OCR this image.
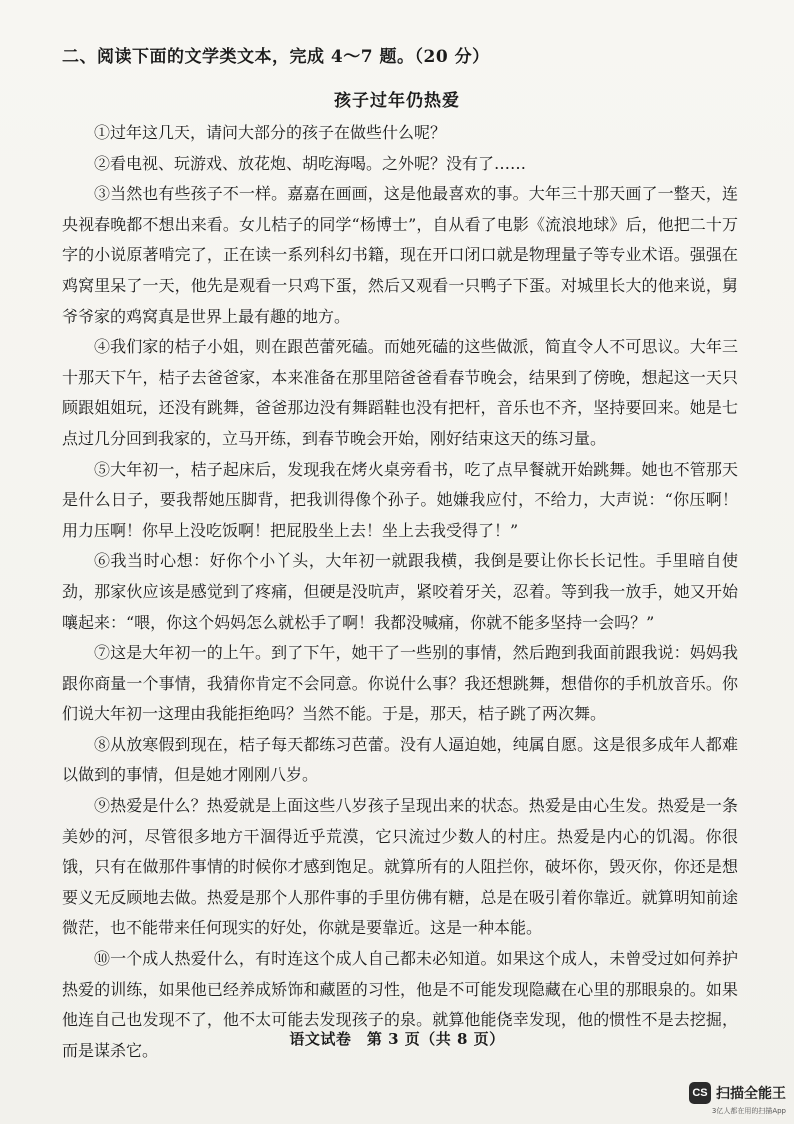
二、阅读下面的文学类文本，完成 4～7 题。（20 分）
孩子过年仍热爱

①过年这几天，请问大部分的孩子在做些什么呢？

②看电视、玩游戏、放花炮、胡吃海喝。之外呢？没有了……

③当然也有些孩子不一样。嘉嘉在画画，这是他最喜欢的事。大年三十那天画了一整天，连央视春晚都不想出来看。女儿桔子的同学“杨博士”，自从看了电影《流浪地球》后，他把二十万字的小说原著啃完了，正在读一系列科幻书籍，现在开口闭口就是物理量子等专业术语。强强在鸡窝里呆了一天，他先是观看一只鸡下蛋，然后又观看一只鸭子下蛋。对城里长大的他来说，舅爷爷家的鸡窝真是世界上最有趣的地方。

④我们家的桔子小姐，则在跟芭蕾死磕。而她死磕的这些做派，简直令人不可思议。大年三十那天下午，桔子去爸爸家，本来准备在那里陪爸爸看春节晚会，结果到了傍晚，想起这一天只顾跟姐姐玩，还没有跳舞，爸爸那边没有舞蹈鞋也没有把杆，音乐也不齐，坚持要回来。她是七点过几分回到我家的，立马开练，到春节晚会开始，刚好结束这天的练习量。

⑤大年初一，桔子起床后，发现我在烤火桌旁看书，吃了点早餐就开始跳舞。她也不管那天是什么日子，要我帮她压脚背，把我训得像个孙子。她嫌我应付，不给力，大声说：“你压啊！用力压啊！你早上没吃饭啊！把屁股坐上去！坐上去我受得了！”

⑥我当时心想：好你个小丫头，大年初一就跟我横，我倒是要让你长长记性。手里暗自使劲，那家伙应该是感觉到了疼痛，但硬是没吭声，紧咬着牙关，忍着。等到我一放手，她又开始嚷起来：“喂，你这个妈妈怎么就松手了啊！我都没喊痛，你就不能多坚持一会吗？”

⑦这是大年初一的上午。到了下午，她干了一些别的事情，然后跑到我面前跟我说：妈妈我跟你商量一个事情，我猜你肯定不会同意。你说什么事？我还想跳舞，想借你的手机放音乐。你们说大年初一这理由我能拒绝吗？当然不能。于是，那天，桔子跳了两次舞。

⑧从放寒假到现在，桔子每天都练习芭蕾。没有人逼迫她，纯属自愿。这是很多成年人都难以做到的事情，但是她才刚刚八岁。

⑨热爱是什么？热爱就是上面这些八岁孩子呈现出来的状态。热爱是由心生发。热爱是一条美妙的河，尽管很多地方干涸得近乎荒漠，它只流过少数人的村庄。热爱是内心的饥渴。你很饿，只有在做那件事情的时候你才感到饱足。就算所有的人阻拦你，破坏你，毁灭你，你还是想要义无反顾地去做。热爱是那个人那件事的手里仿佛有糖，总是在吸引着你靠近。就算明知前途微茫，也不能带来任何现实的好处，你就是要靠近。这是一种本能。

⑩一个成人热爱什么，有时连这个成人自己都未必知道。如果这个成人，未曾受过如何养护热爱的训练，如果他已经养成矫饰和藏匿的习性，他是不可能发现隐藏在心里的那眼泉的。如果他连自己也发现不了，他不太可能去发现孩子的泉。就算他能侥幸发现，他的惯性不是去挖掘，而是谋杀它。

语文试卷　第 3 页（共 8 页）
CS 扫描全能王
3亿人都在用的扫描App
